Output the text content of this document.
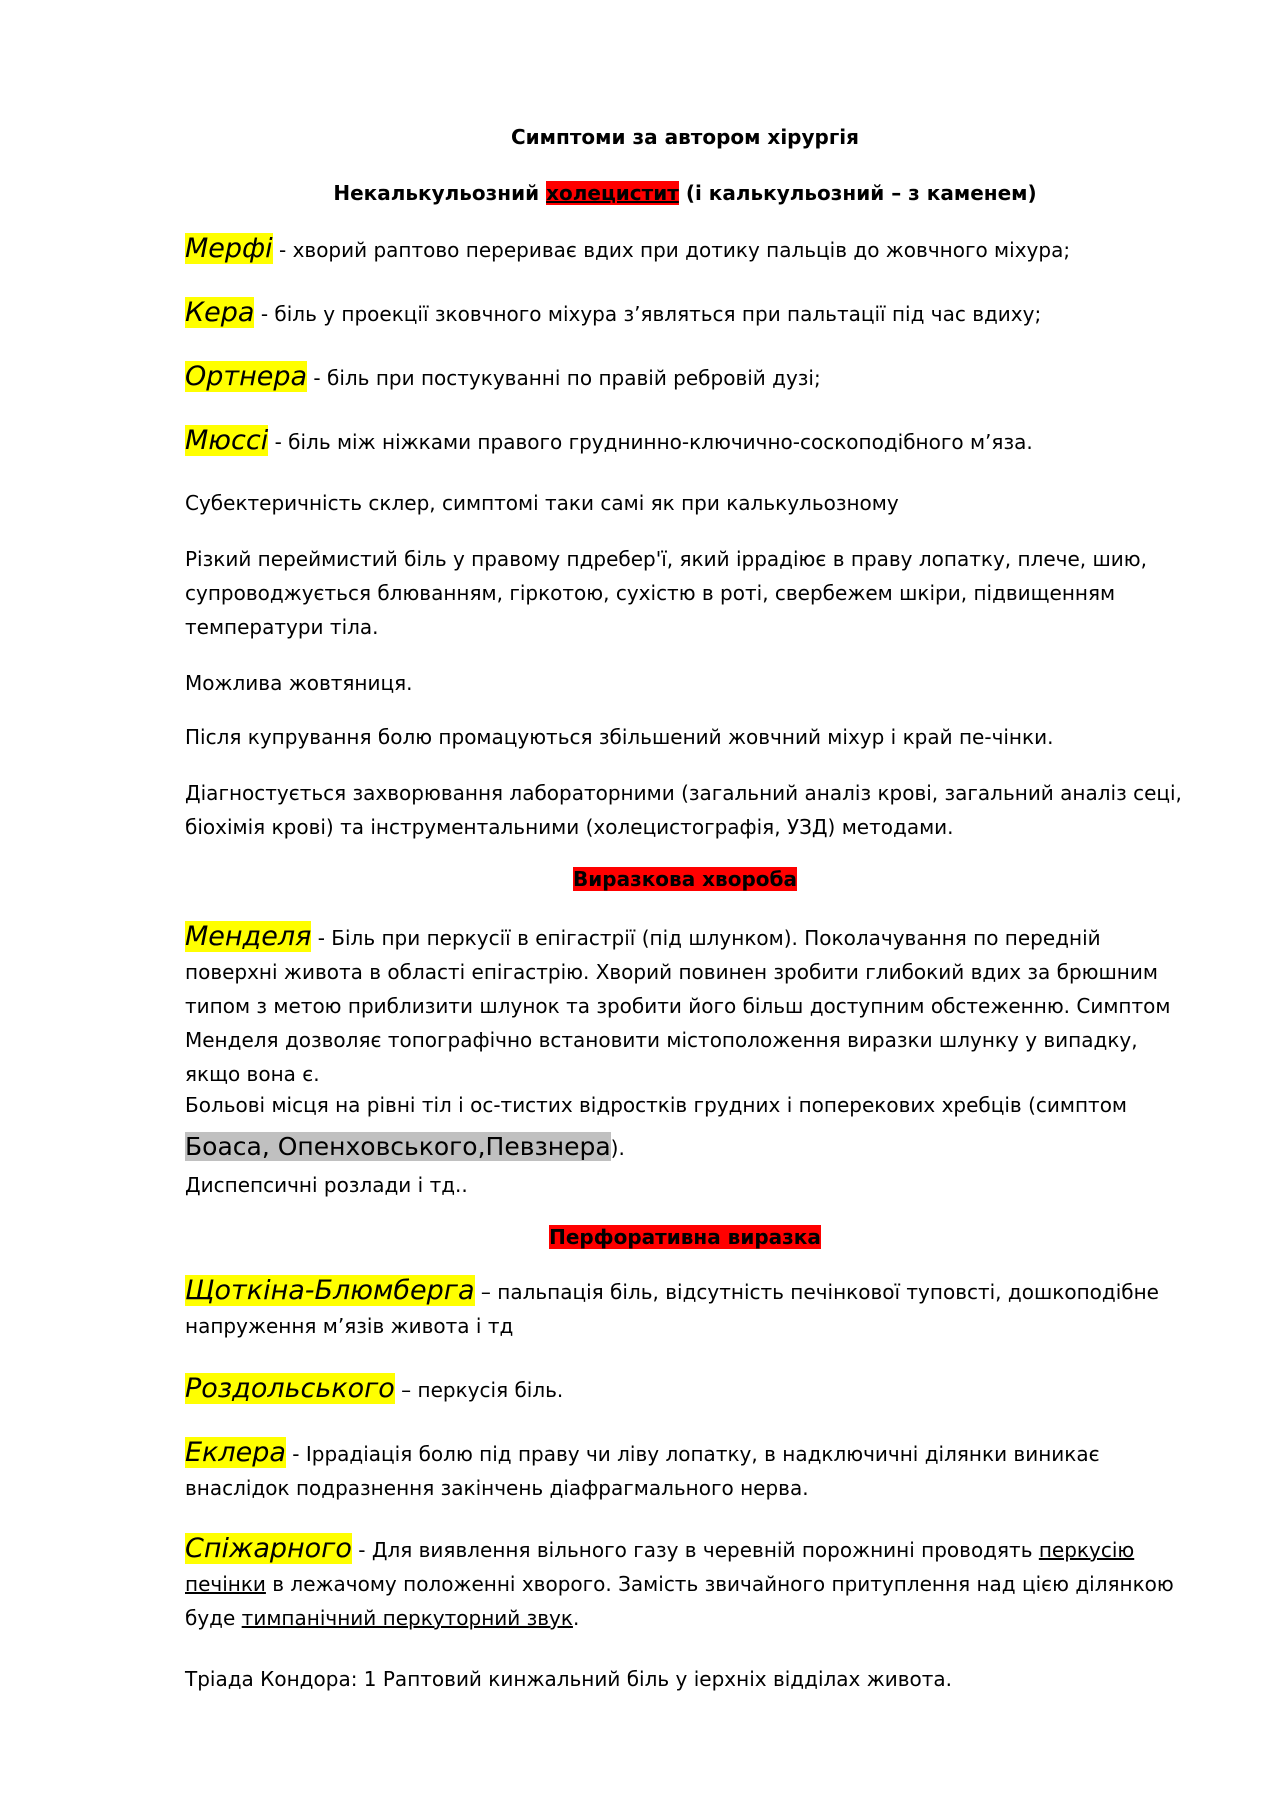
Симптоми за автором хірургія

Некалькульозний холецистит (і калькульозний – з каменем)

Мерфі - хворий раптово перериває вдих при дотику пальців до жовчного міхура;

Кера - біль у проекції зковчного міхура з’являться при пальтації під час вдиху;

Ортнера - біль при постукуванні по правій ребровій дузі;

Мюссі - біль між ніжками правого груднинно-ключично-соскоподібного м’яза.

Субектеричність склер, симптомі таки самі як при калькульозному

Різкий переймистий біль у правому пдребер'ї, який іррадіює в праву лопатку, плече, шию, супроводжується блюванням, гіркотою, сухістю в роті, свербежем шкіри, підвищенням температури тіла.

Можлива жовтяниця.

Після купрування болю промацуються збільшений жовчний міхур і край пе-чінки.

Діагностується захворювання лабораторними (загальний аналіз крові, загальний аналіз сеці, біохімія крові) та інструментальними (холецистографія, УЗД) методами.

Виразкова хвороба

Менделя - Біль при перкусії в епігастрії (під шлунком). Поколачування по передній поверхні живота в області епігастрію. Хворий повинен зробити глибокий вдих за брюшним типом з метою приблизити шлунок та зробити його більш доступним обстеженню. Симптом Менделя дозволяє топографічно встановити містоположення виразки шлунку у випадку, якщо вона є.

Больові місця на рівні тіл і ос-тистих відростків грудних і поперекових хребців (симптом Боаса, Опенховського,Певзнера).

Диспепсичні розлади і тд..

Перфоративна виразка

Щоткіна-Блюмберга – пальпація біль, відсутність печінкової туповсті, дошкоподібне напруження м’язів живота і тд

Роздольського – перкусія біль.

Еклера - Іррадіація болю під праву чи ліву лопатку, в надключичні ділянки виникає внаслідок подразнення закінчень діафрагмального нерва.

Спіжарного - Для виявлення вільного газу в черевній порожнині проводять перкусію печінки в лежачому положенні хворого. Замість звичайного притуплення над цією ділянкою буде тимпанічний перкуторний звук.

Тріада Кондора: 1 Раптовий кинжальний біль у іерхніх відділах живота.
